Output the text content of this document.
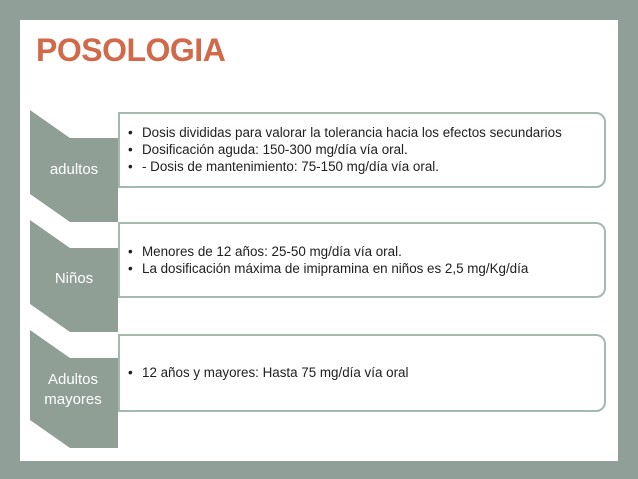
POSOLOGIA
adultos
• Dosis divididas para valorar la tolerancia hacia los efectos secundarios
• Dosificación aguda: 150-300 mg/día vía oral.
• - Dosis de mantenimiento: 75-150 mg/día vía oral.
Niños
• Menores de 12 años: 25-50 mg/día vía oral.
• La dosificación máxima de imipramina en niños es 2,5 mg/Kg/día
Adultos mayores
• 12 años y mayores: Hasta 75 mg/día vía oral
